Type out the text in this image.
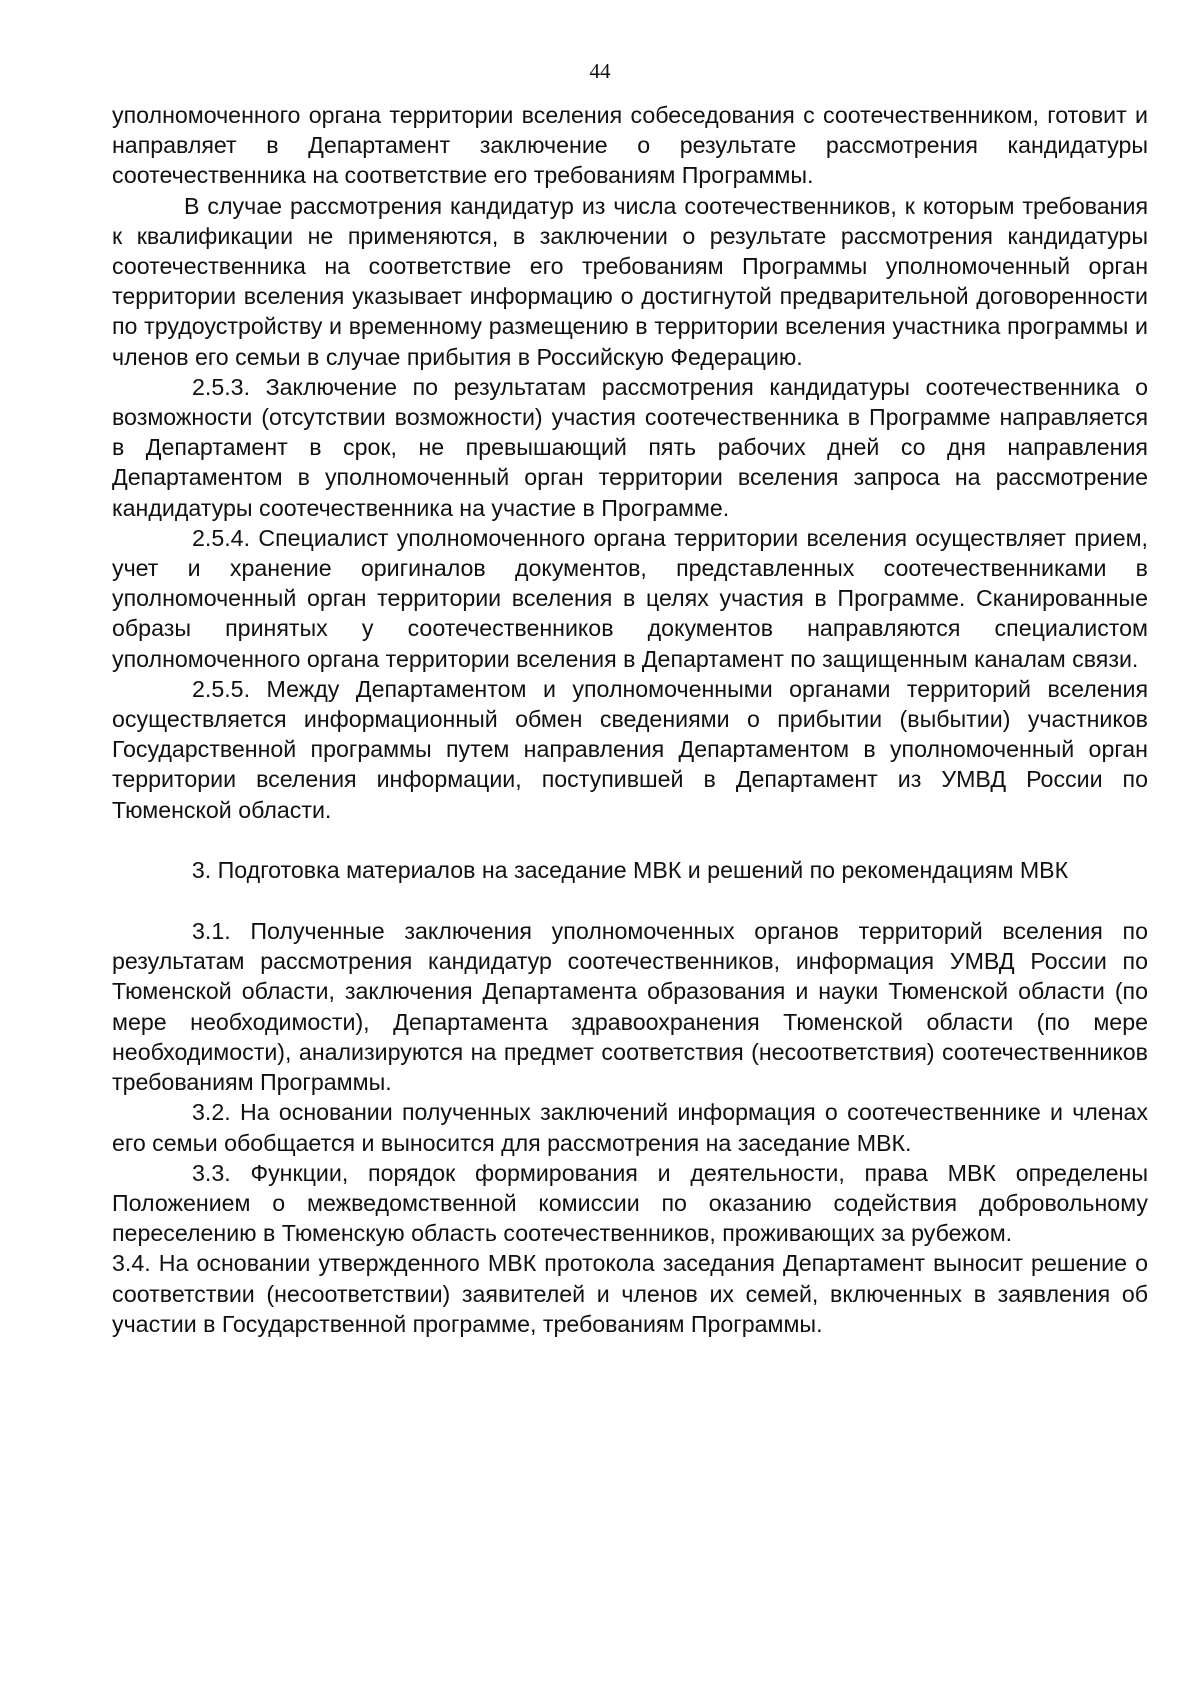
44

уполномоченного органа территории вселения собеседования с соотечественником, готовит и направляет в Департамент заключение о результате рассмотрения кандидатуры соотечественника на соответствие его требованиям Программы.

В случае рассмотрения кандидатур из числа соотечественников, к которым требования к квалификации не применяются, в заключении о результате рассмотрения кандидатуры соотечественника на соответствие его требованиям Программы уполномоченный орган территории вселения указывает информацию о достигнутой предварительной договоренности по трудоустройству и временному размещению в территории вселения участника программы и членов его семьи в случае прибытия в Российскую Федерацию.

2.5.3. Заключение по результатам рассмотрения кандидатуры соотечественника о возможности (отсутствии возможности) участия соотечественника в Программе направляется в Департамент в срок, не превышающий пять рабочих дней со дня направления Департаментом в уполномоченный орган территории вселения запроса на рассмотрение кандидатуры соотечественника на участие в Программе.

2.5.4. Специалист уполномоченного органа территории вселения осуществляет прием, учет и хранение оригиналов документов, представленных соотечественниками в уполномоченный орган территории вселения в целях участия в Программе. Сканированные образы принятых у соотечественников документов направляются специалистом уполномоченного органа территории вселения в Департамент по защищенным каналам связи.

2.5.5. Между Департаментом и уполномоченными органами территорий вселения осуществляется информационный обмен сведениями о прибытии (выбытии) участников Государственной программы путем направления Департаментом в уполномоченный орган территории вселения информации, поступившей в Департамент из УМВД России по Тюменской области.

3. Подготовка материалов на заседание МВК и решений по рекомендациям МВК

3.1. Полученные заключения уполномоченных органов территорий вселения по результатам рассмотрения кандидатур соотечественников, информация УМВД России по Тюменской области, заключения Департамента образования и науки Тюменской области (по мере необходимости), Департамента здравоохранения Тюменской области (по мере необходимости), анализируются на предмет соответствия (несоответствия) соотечественников требованиям Программы.

3.2. На основании полученных заключений информация о соотечественнике и членах его семьи обобщается и выносится для рассмотрения на заседание МВК.

3.3. Функции, порядок формирования и деятельности, права МВК определены Положением о межведомственной комиссии по оказанию содействия добровольному переселению в Тюменскую область соотечественников, проживающих за рубежом.

3.4. На основании утвержденного МВК протокола заседания Департамент выносит решение о соответствии (несоответствии) заявителей и членов их семей, включенных в заявления об участии в Государственной программе, требованиям Программы.
